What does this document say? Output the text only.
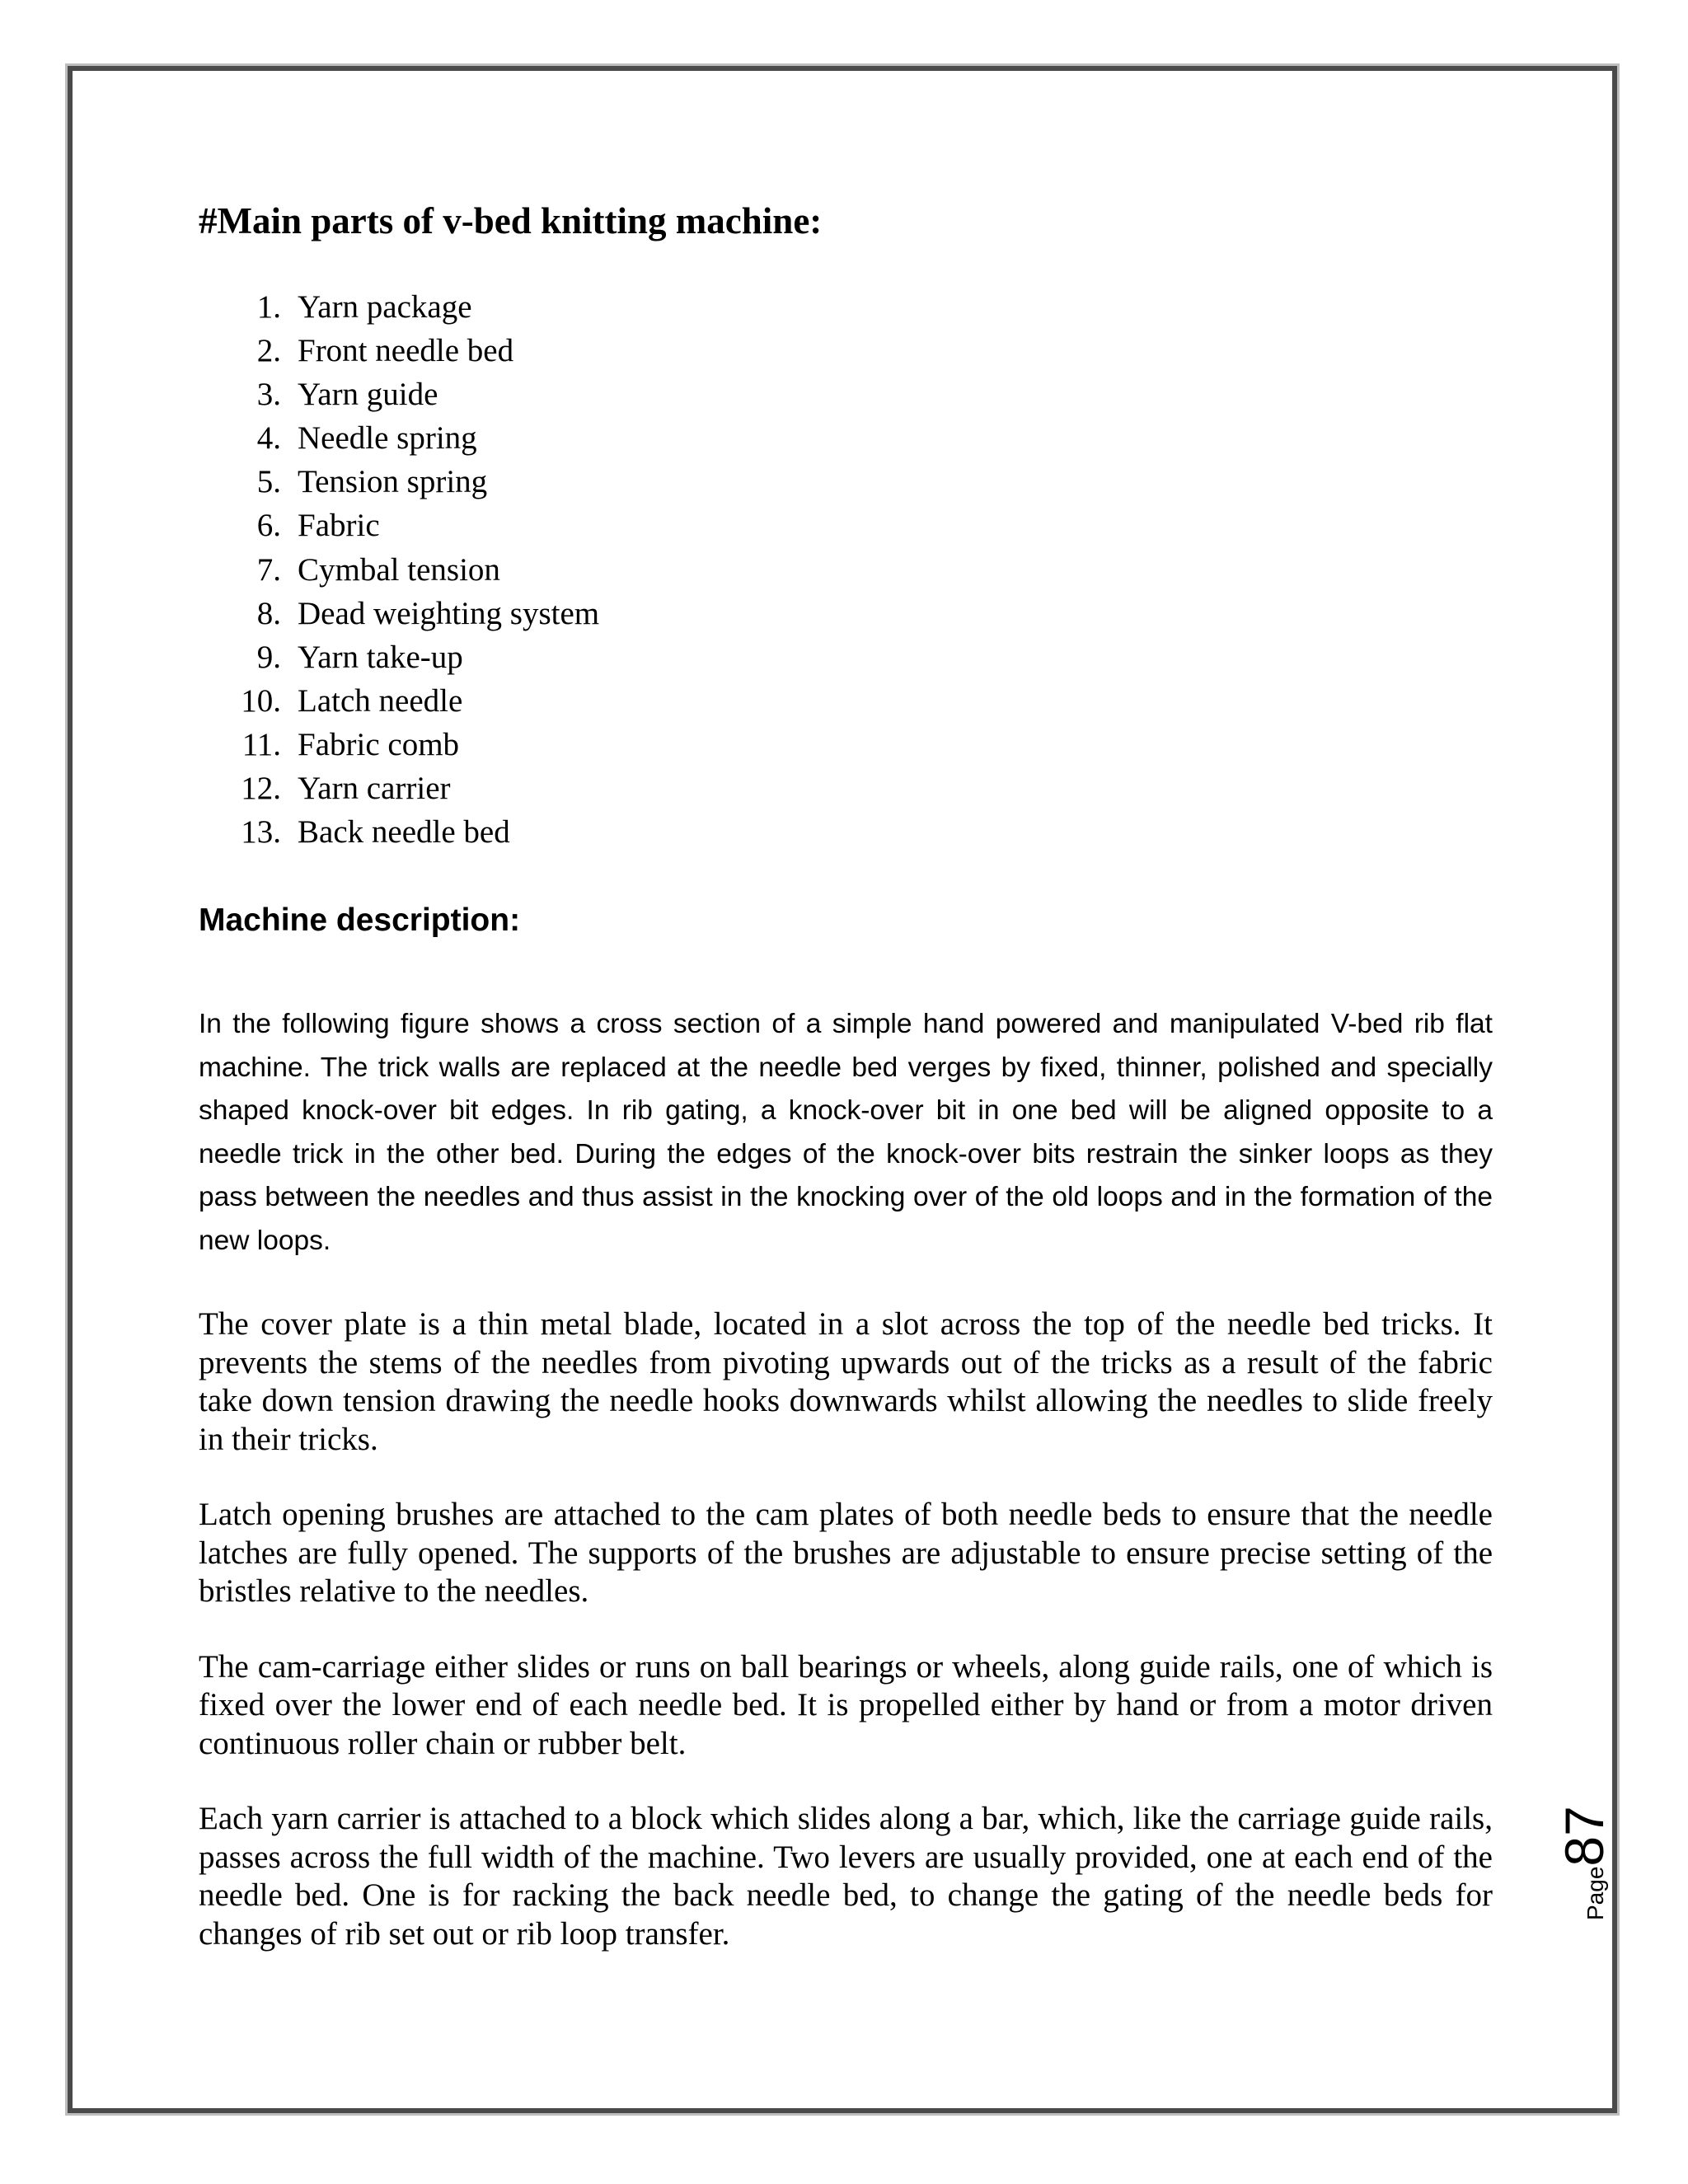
#Main parts of v-bed knitting machine:
1. Yarn package
2. Front needle bed
3. Yarn guide
4. Needle spring
5. Tension spring
6. Fabric
7. Cymbal tension
8. Dead weighting system
9. Yarn take-up
10. Latch needle
11. Fabric comb
12. Yarn carrier
13. Back needle bed
Machine description:

In the following figure shows a cross section of a simple hand powered and manipulated V-bed rib flat machine. The trick walls are replaced at the needle bed verges by fixed, thinner, polished and specially shaped knock-over bit edges. In rib gating, a knock-over bit in one bed will be aligned opposite to a needle trick in the other bed. During the edges of the knock-over bits restrain the sinker loops as they pass between the needles and thus assist in the knocking over of the old loops and in the formation of the new loops.

The cover plate is a thin metal blade, located in a slot across the top of the needle bed tricks. It prevents the stems of the needles from pivoting upwards out of the tricks as a result of the fabric take down tension drawing the needle hooks downwards whilst allowing the needles to slide freely in their tricks.

Latch opening brushes are attached to the cam plates of both needle beds to ensure that the needle latches are fully opened. The supports of the brushes are adjustable to ensure precise setting of the bristles relative to the needles.

The cam-carriage either slides or runs on ball bearings or wheels, along guide rails, one of which is fixed over the lower end of each needle bed. It is propelled either by hand or from a motor driven continuous roller chain or rubber belt.

Each yarn carrier is attached to a block which slides along a bar, which, like the carriage guide rails, passes across the full width of the machine. Two levers are usually provided, one at each end of the needle bed. One is for racking the back needle bed, to change the gating of the needle beds for changes of rib set out or rib loop transfer.

Page87
